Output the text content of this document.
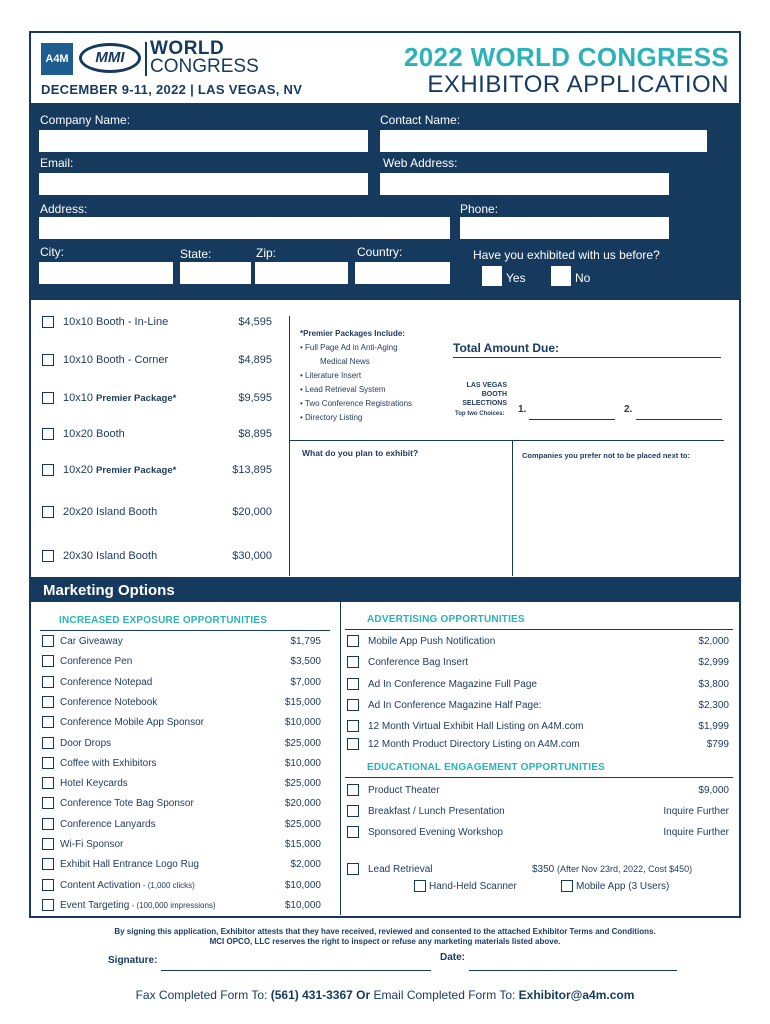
A4M	MMI	WORLD
CONGRESS
DECEMBER 9-11, 2022 | LAS VEGAS, NV
2022 WORLD CONGRESS
EXHIBITOR APPLICATION
Company Name:	Contact Name:
Email:	Web Address:
Address:	Phone:
City:	State:	Zip:	Country:	Have you exhibited with us before?
Yes	No
10x10 Booth - In-Line	$4,595
10x10 Booth - Corner	$4,895
10x10 Premier Package*	$9,595
10x20 Booth	$8,895
10x20 Premier Package*	$13,895
20x20 Island Booth	$20,000
20x30 Island Booth	$30,000
*Premier Packages Include:
• Full Page Ad in Anti-Aging
Medical News
• Literature Insert
• Lead Retrieval System
• Two Conference Registrations
• Directory Listing
Total Amount Due:
LAS VEGAS
BOOTH
SELECTIONS
Top two Choices: 1.	2.
What do you plan to exhibit?	Companies you prefer not to be placed next to:
Marketing Options
INCREASED EXPOSURE OPPORTUNITIES	ADVERTISING OPPORTUNITIES
EDUCATIONAL ENGAGEMENT OPPORTUNITIES
Car Giveaway	$1,795
Conference Pen	$3,500
Conference Notepad	$7,000
Conference Notebook	$15,000
Conference Mobile App Sponsor	$10,000
Door Drops	$25,000
Coffee with Exhibitors	$10,000
Hotel Keycards	$25,000
Conference Tote Bag Sponsor	$20,000
Conference Lanyards	$25,000
Wi-Fi Sponsor	$15,000
Exhibit Hall Entrance Logo Rug	$2,000
Content Activation - (1,000 clicks)	$10,000
Event Targeting - (100,000 impressions)	$10,000
Mobile App Push Notification	$2,000
Conference Bag Insert	$2,999
Ad In Conference Magazine Full Page	$3,800
Ad In Conference Magazine Half Page:	$2,300
12 Month Virtual Exhibit Hall Listing on A4M.com	$1,999
12 Month Product Directory Listing on A4M.com	$799
Product Theater	$9,000
Breakfast / Lunch Presentation	Inquire Further
Sponsored Evening Workshop	Inquire Further
Lead Retrieval	$350 (After Nov 23rd, 2022, Cost $450)
Hand-Held Scanner	Mobile App (3 Users)
By signing this application, Exhibitor attests that they have received, reviewed and consented to the attached Exhibitor Terms and Conditions.
MCI OPCO, LLC reserves the right to inspect or refuse any marketing materials listed above.
Signature:	Date:
Fax Completed Form To: (561) 431-3367 Or Email Completed Form To: Exhibitor@a4m.com
